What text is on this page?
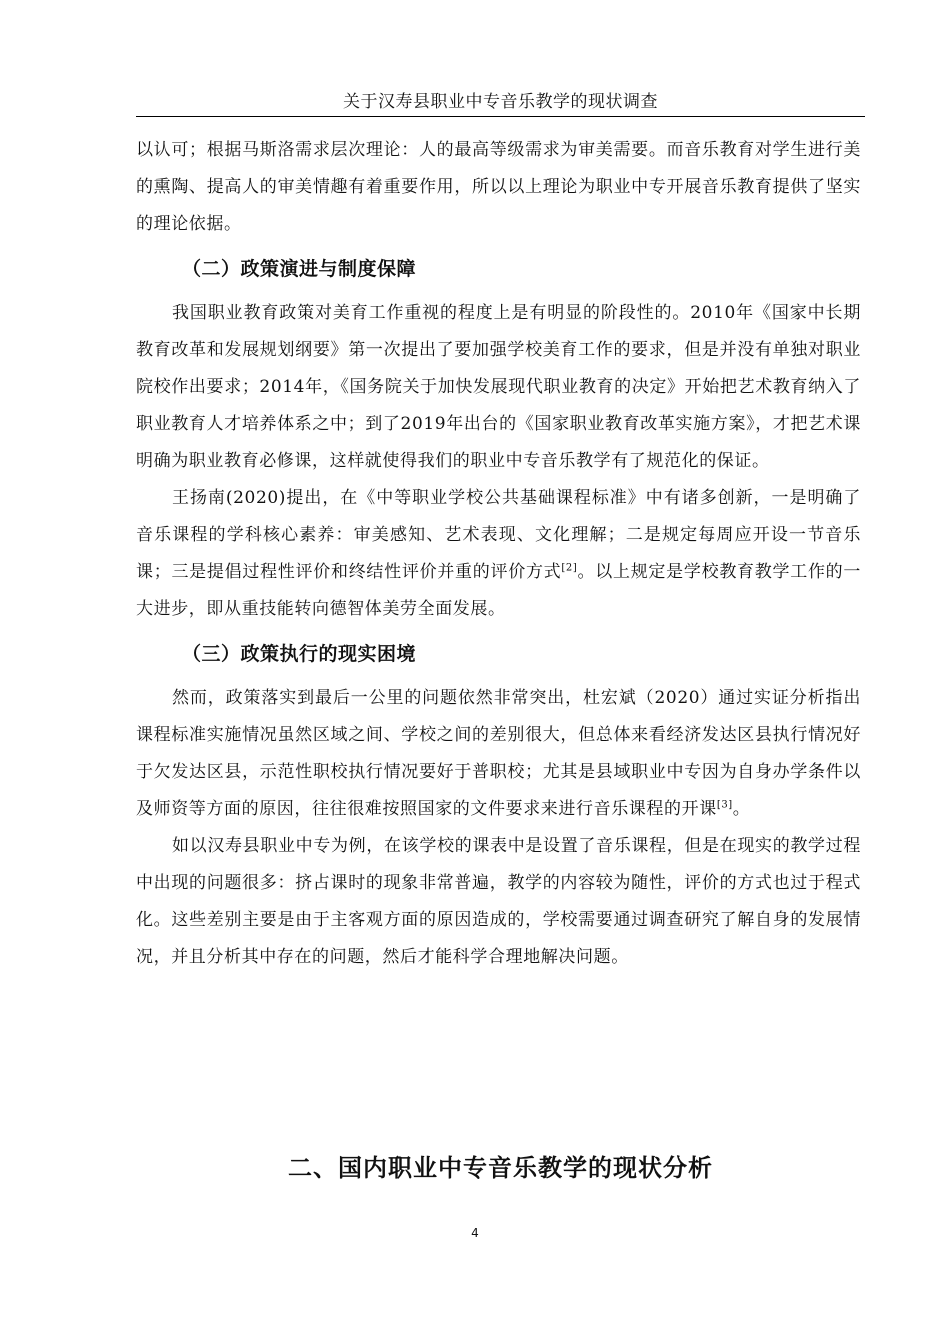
关于汉寿县职业中专音乐教学的现状调查

以认可；根据马斯洛需求层次理论：人的最高等级需求为审美需要。而音乐教育对学生进行美的熏陶、提高人的审美情趣有着重要作用，所以以上理论为职业中专开展音乐教育提供了坚实的理论依据。

（二）政策演进与制度保障

我国职业教育政策对美育工作重视的程度上是有明显的阶段性的。2010年《国家中长期教育改革和发展规划纲要》第一次提出了要加强学校美育工作的要求，但是并没有单独对职业院校作出要求；2014年，《国务院关于加快发展现代职业教育的决定》开始把艺术教育纳入了职业教育人才培养体系之中；到了2019年出台的《国家职业教育改革实施方案》，才把艺术课明确为职业教育必修课，这样就使得我们的职业中专音乐教学有了规范化的保证。

王扬南(2020)提出，在《中等职业学校公共基础课程标准》中有诸多创新，一是明确了音乐课程的学科核心素养：审美感知、艺术表现、文化理解；二是规定每周应开设一节音乐课；三是提倡过程性评价和终结性评价并重的评价方式[2]。以上规定是学校教育教学工作的一大进步，即从重技能转向德智体美劳全面发展。

（三）政策执行的现实困境

然而，政策落实到最后一公里的问题依然非常突出，杜宏斌（2020）通过实证分析指出课程标准实施情况虽然区域之间、学校之间的差别很大，但总体来看经济发达区县执行情况好于欠发达区县，示范性职校执行情况要好于普职校；尤其是县域职业中专因为自身办学条件以及师资等方面的原因，往往很难按照国家的文件要求来进行音乐课程的开课[3]。

如以汉寿县职业中专为例，在该学校的课表中是设置了音乐课程，但是在现实的教学过程中出现的问题很多：挤占课时的现象非常普遍，教学的内容较为随性，评价的方式也过于程式化。这些差别主要是由于主客观方面的原因造成的，学校需要通过调查研究了解自身的发展情况，并且分析其中存在的问题，然后才能科学合理地解决问题。

二、国内职业中专音乐教学的现状分析
4
